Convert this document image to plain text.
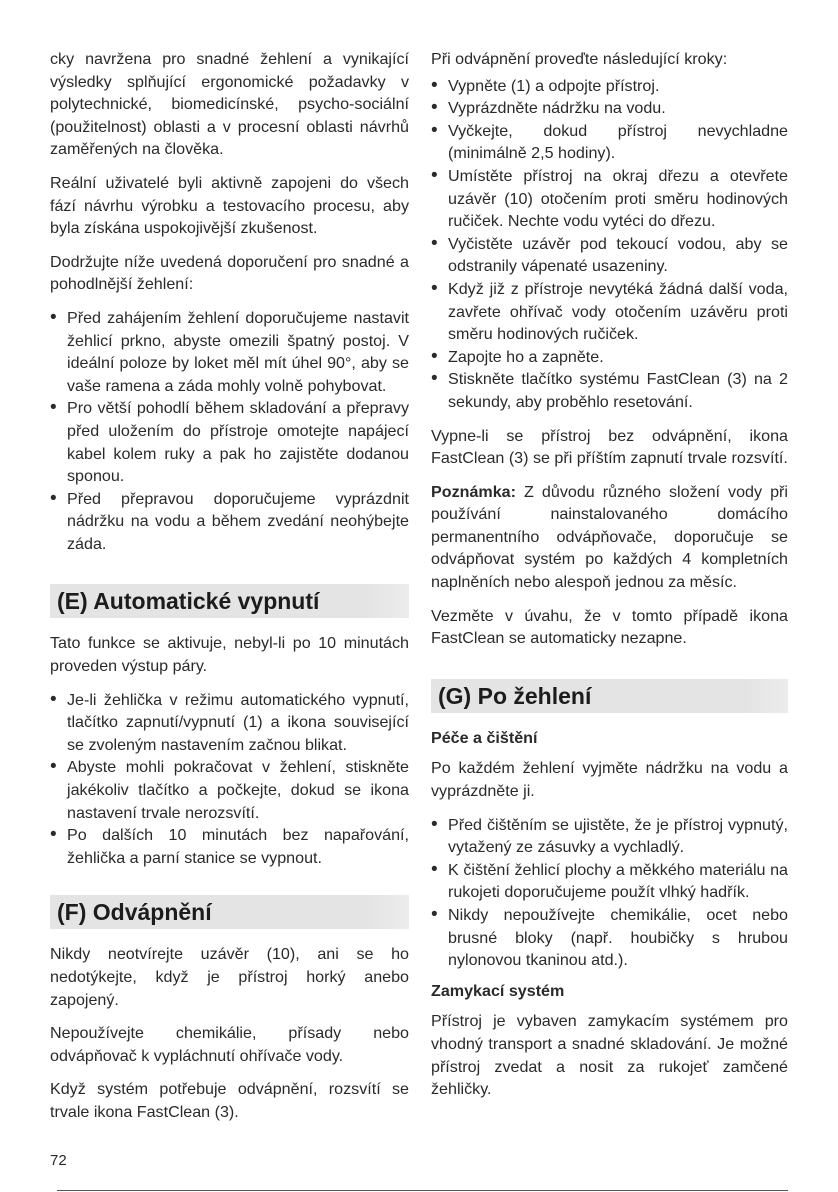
cky navržena pro snadné žehlení a vynikající výsledky splňující ergonomické požadavky v polytechnické, biomedicínské, psycho-sociální (použitelnost) oblasti a v procesní oblasti návrhů zaměřených na člověka.

Reální uživatelé byli aktivně zapojeni do všech fází návrhu výrobku a testovacího procesu, aby byla získána uspokojivější zkušenost.

Dodržujte níže uvedená doporučení pro snadné a pohodlnější žehlení:

• Před zahájením žehlení doporučujeme nastavit žehlicí prkno, abyste omezili špatný postoj. V ideální poloze by loket měl mít úhel 90°, aby se vaše ramena a záda mohly volně pohybovat.
• Pro větší pohodlí během skladování a přepravy před uložením do přístroje omotejte napájecí kabel kolem ruky a pak ho zajistěte dodanou sponou.
• Před přepravou doporučujeme vyprázdnit nádržku na vodu a během zvedání neohýbejte záda.
(E) Automatické vypnutí

Tato funkce se aktivuje, nebyl-li po 10 minutách proveden výstup páry.

• Je-li žehlička v režimu automatického vypnutí, tlačítko zapnutí/vypnutí (1) a ikona související se zvoleným nastavením začnou blikat.
• Abyste mohli pokračovat v žehlení, stiskněte jakékoliv tlačítko a počkejte, dokud se ikona nastavení trvale nerozsvítí.
• Po dalších 10 minutách bez napařování, žehlička a parní stanice se vypnout.
(F) Odvápnění

Nikdy neotvírejte uzávěr (10), ani se ho nedotýkejte, když je přístroj horký anebo zapojený.

Nepoužívejte chemikálie, přísady nebo odvápňovač k vypláchnutí ohřívače vody.

Když systém potřebuje odvápnění, rozsvítí se trvale ikona FastClean (3).

Při odvápnění proveďte následující kroky:

• Vypněte (1) a odpojte přístroj.
• Vyprázdněte nádržku na vodu.
• Vyčkejte, dokud přístroj nevychladne (minimálně 2,5 hodiny).
• Umístěte přístroj na okraj dřezu a otevřete uzávěr (10) otočením proti směru hodinových ručiček. Nechte vodu vytéci do dřezu.
• Vyčistěte uzávěr pod tekoucí vodou, aby se odstranily vápenaté usazeniny.
• Když již z přístroje nevytéká žádná další voda, zavřete ohřívač vody otočením uzávěru proti směru hodinových ručiček.
• Zapojte ho a zapněte.
• Stiskněte tlačítko systému FastClean (3) na 2 sekundy, aby proběhlo resetování.

Vypne-li se přístroj bez odvápnění, ikona FastClean (3) se při příštím zapnutí trvale rozsvítí.

Poznámka: Z důvodu různého složení vody při používání nainstalovaného domácího permanentního odvápňovače, doporučuje se odvápňovat systém po každých 4 kompletních naplněních nebo alespoň jednou za měsíc.

Vezměte v úvahu, že v tomto případě ikona FastClean se automaticky nezapne.

(G) Po žehlení

Péče a čištění

Po každém žehlení vyjměte nádržku na vodu a vyprázdněte ji.

• Před čištěním se ujistěte, že je přístroj vypnutý, vytažený ze zásuvky a vychladlý.
• K čištění žehlicí plochy a měkkého materiálu na rukojeti doporučujeme použít vlhký hadřík.
• Nikdy nepoužívejte chemikálie, ocet nebo brusné bloky (např. houbičky s hrubou nylonovou tkaninou atd.).

Zamykací systém

Přístroj je vybaven zamykacím systémem pro vhodný transport a snadné skladování. Je možné přístroj zvedat a nosit za rukojeť zamčené žehličky.

72
